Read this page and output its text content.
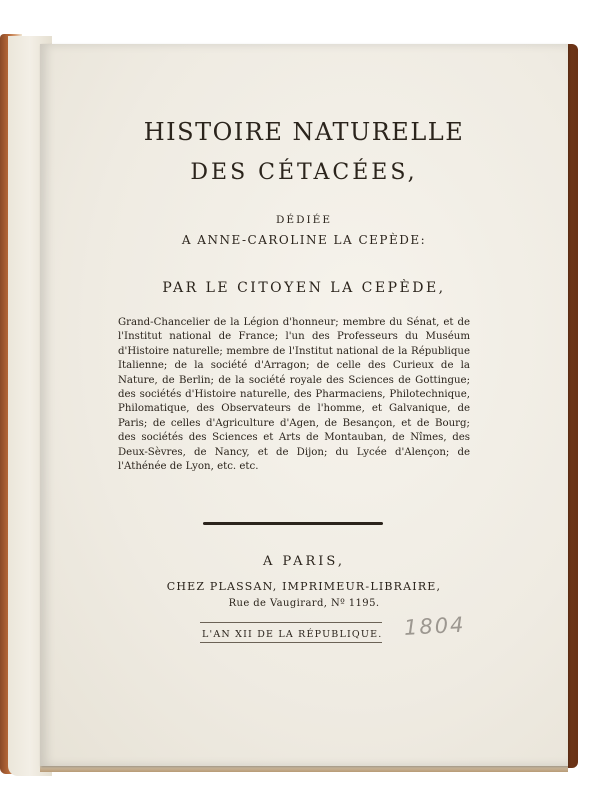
HISTOIRE NATURELLE
DES CÉTACÉES,
DÉDIÉE
A ANNE-CAROLINE LA CEPÈDE:
PAR LE CITOYEN LA CEPÈDE,
Grand-Chancelier de la Légion d'honneur; membre du Sénat, et de
l'Institut national de France; l'un des Professeurs du Muséum
d'Histoire naturelle; membre de l'Institut national de la République
Italienne; de la société d'Arragon; de celle des Curieux de la
Nature, de Berlin; de la société royale des Sciences de Gottingue;
des sociétés d'Histoire naturelle, des Pharmaciens, Philotechnique,
Philomatique, des Observateurs de l'homme, et Galvanique, de
Paris; de celles d'Agriculture d'Agen, de Besançon, et de Bourg;
des sociétés des Sciences et Arts de Montauban, de Nîmes, des
Deux-Sèvres, de Nancy, et de Dijon; du Lycée d'Alençon; de
l'Athénée de Lyon, etc. etc.
A PARIS,
CHEZ PLASSAN, IMPRIMEUR-LIBRAIRE,
Rue de Vaugirard, Nº 1195.
L'AN XII DE LA RÉPUBLIQUE. 1804
